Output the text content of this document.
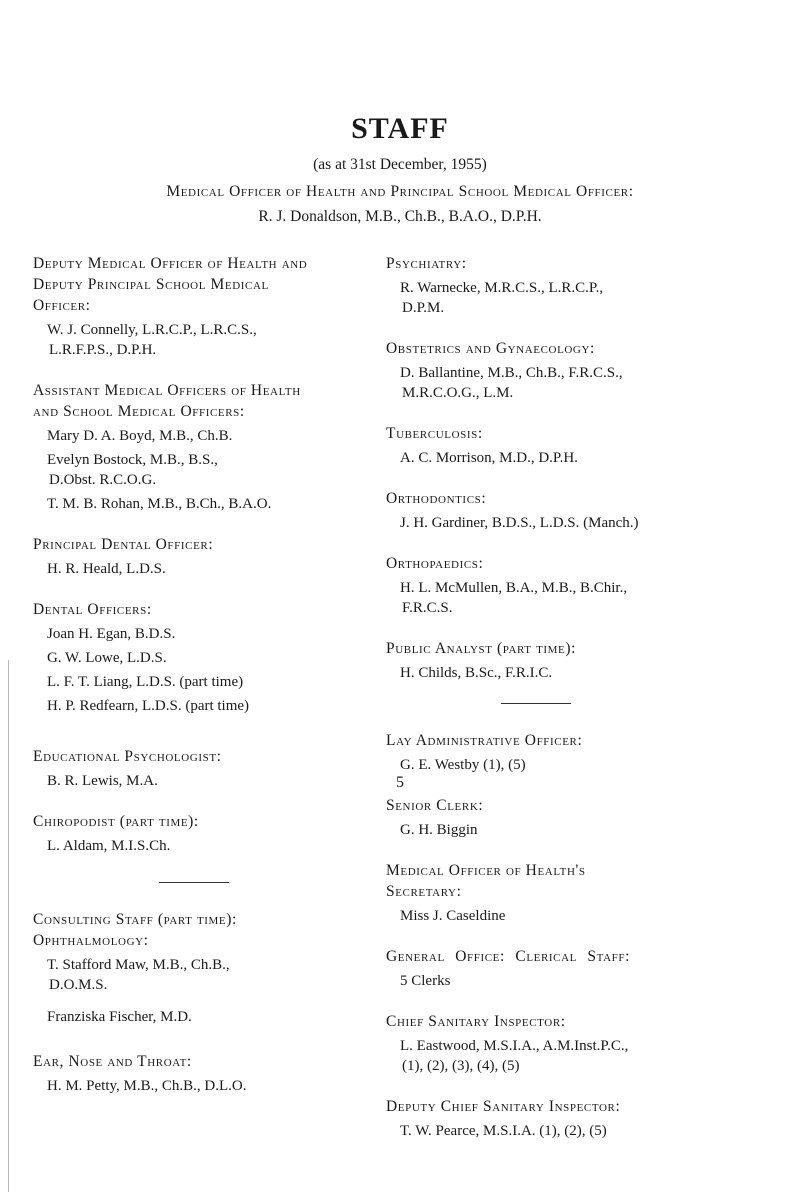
STAFF
(as at 31st December, 1955)
Medical Officer of Health and Principal School Medical Officer:
R. J. Donaldson, M.B., Ch.B., B.A.O., D.P.H.
Deputy Medical Officer of Health and
Deputy Principal School Medical
Officer:
W. J. Connelly, L.R.C.P., L.R.C.S.,
L.R.F.P.S., D.P.H.
Assistant Medical Officers of Health
and School Medical Officers:
Mary D. A. Boyd, M.B., Ch.B.
Evelyn Bostock, M.B., B.S.,
D.Obst. R.C.O.G.
T. M. B. Rohan, M.B., B.Ch., B.A.O.
Principal Dental Officer:
H. R. Heald, L.D.S.
Dental Officers:
Joan H. Egan, B.D.S.
G. W. Lowe, L.D.S.
L. F. T. Liang, L.D.S. (part time)
H. P. Redfearn, L.D.S. (part time)
Educational Psychologist:
B. R. Lewis, M.A.
Chiropodist (part time):
L. Aldam, M.I.S.Ch.
Consulting Staff (part time):
Ophthalmology:
T. Stafford Maw, M.B., Ch.B.,
D.O.M.S.
Franziska Fischer, M.D.
Ear, Nose and Throat:
H. M. Petty, M.B., Ch.B., D.L.O.
Psychiatry:
R. Warnecke, M.R.C.S., L.R.C.P.,
D.P.M.
Obstetrics and Gynaecology:
D. Ballantine, M.B., Ch.B., F.R.C.S.,
M.R.C.O.G., L.M.
Tuberculosis:
A. C. Morrison, M.D., D.P.H.
Orthodontics:
J. H. Gardiner, B.D.S., L.D.S. (Manch.)
Orthopaedics:
H. L. McMullen, B.A., M.B., B.Chir.,
F.R.C.S.
Public Analyst (part time):
H. Childs, B.Sc., F.R.I.C.
Lay Administrative Officer:
G. E. Westby (1), (5)
Senior Clerk:
G. H. Biggin
Medical Officer of Health's
Secretary:
Miss J. Caseldine
General Office: Clerical Staff:
5 Clerks
Chief Sanitary Inspector:
L. Eastwood, M.S.I.A., A.M.Inst.P.C.,
(1), (2), (3), (4), (5)
Deputy Chief Sanitary Inspector:
T. W. Pearce, M.S.I.A. (1), (2), (5)
5
